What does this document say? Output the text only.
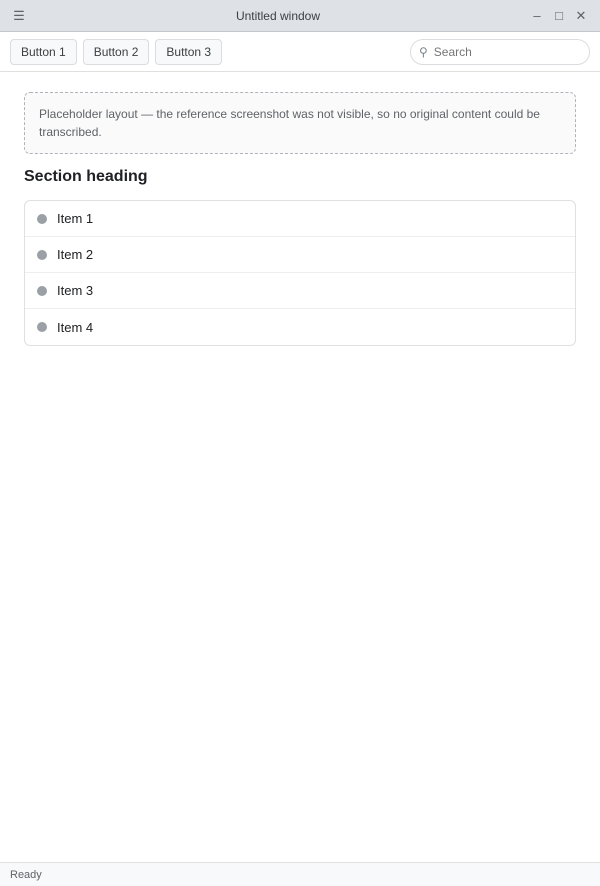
☰	Untitled window	–	□ ✕
Button 1	Button 2	Button 3	⚲
Search
Placeholder layout — the reference screenshot was not visible, so no original content could be transcribed.
Section heading
Item 1
Item 2
Item 3
Item 4
Ready
